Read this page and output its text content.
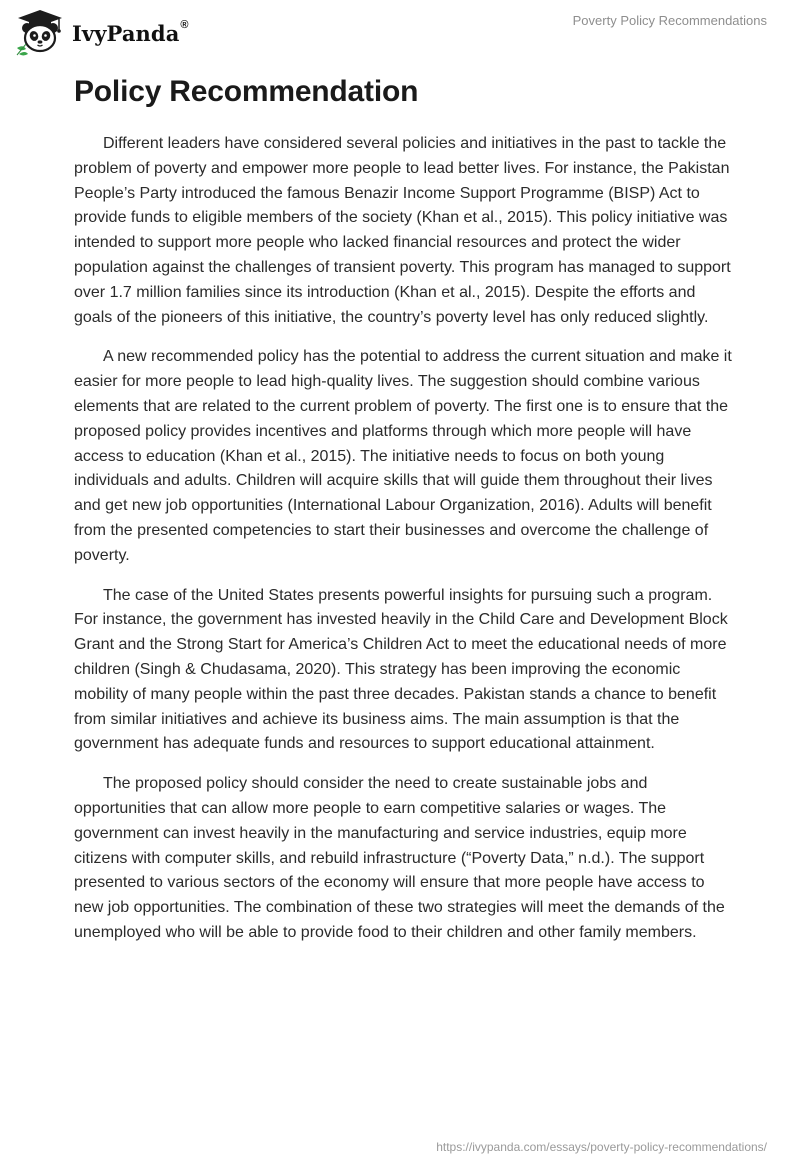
IvyPanda®	Poverty Policy Recommendations

Policy Recommendation

Different leaders have considered several policies and initiatives in the past to tackle the problem of poverty and empower more people to lead better lives. For instance, the Pakistan People’s Party introduced the famous Benazir Income Support Programme (BISP) Act to provide funds to eligible members of the society (Khan et al., 2015). This policy initiative was intended to support more people who lacked financial resources and protect the wider population against the challenges of transient poverty. This program has managed to support over 1.7 million families since its introduction (Khan et al., 2015). Despite the efforts and goals of the pioneers of this initiative, the country’s poverty level has only reduced slightly.

A new recommended policy has the potential to address the current situation and make it easier for more people to lead high-quality lives. The suggestion should combine various elements that are related to the current problem of poverty. The first one is to ensure that the proposed policy provides incentives and platforms through which more people will have access to education (Khan et al., 2015). The initiative needs to focus on both young individuals and adults. Children will acquire skills that will guide them throughout their lives and get new job opportunities (International Labour Organization, 2016). Adults will benefit from the presented competencies to start their businesses and overcome the challenge of poverty.

The case of the United States presents powerful insights for pursuing such a program. For instance, the government has invested heavily in the Child Care and Development Block Grant and the Strong Start for America’s Children Act to meet the educational needs of more children (Singh & Chudasama, 2020). This strategy has been improving the economic mobility of many people within the past three decades. Pakistan stands a chance to benefit from similar initiatives and achieve its business aims. The main assumption is that the government has adequate funds and resources to support educational attainment.

The proposed policy should consider the need to create sustainable jobs and opportunities that can allow more people to earn competitive salaries or wages. The government can invest heavily in the manufacturing and service industries, equip more citizens with computer skills, and rebuild infrastructure (“Poverty Data,” n.d.). The support presented to various sectors of the economy will ensure that more people have access to new job opportunities. The combination of these two strategies will meet the demands of the unemployed who will be able to provide food to their children and other family members.

https://ivypanda.com/essays/poverty-policy-recommendations/
